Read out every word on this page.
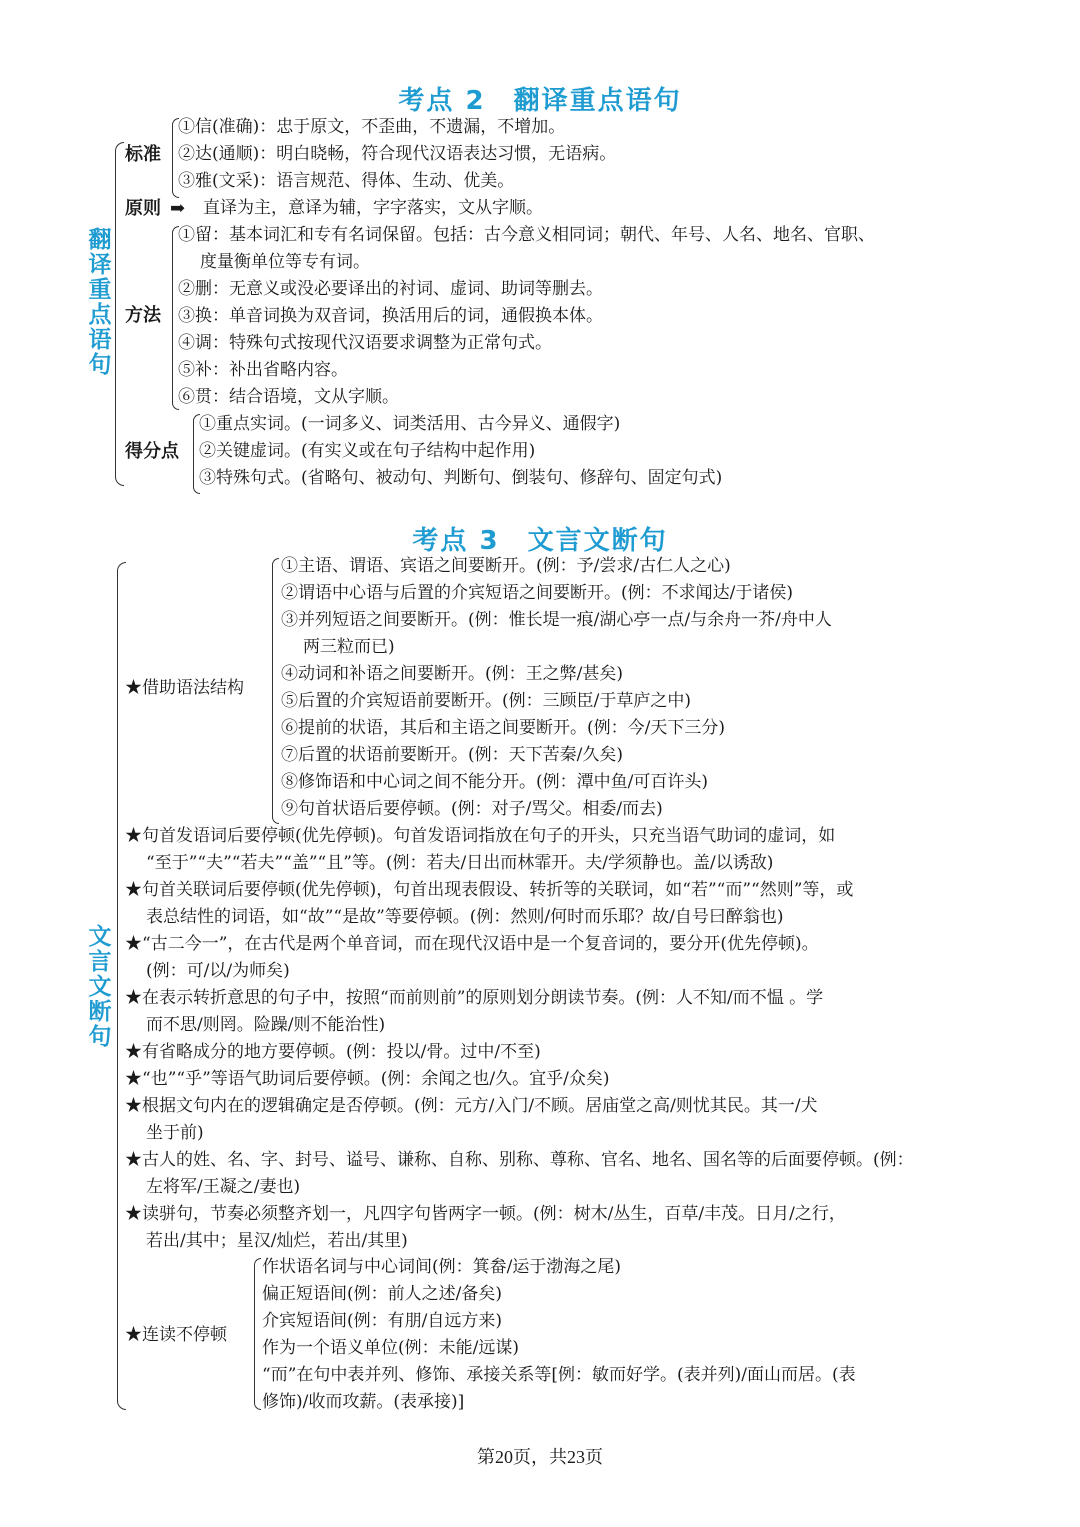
考点 2　翻译重点语句
翻
译
重
点
语
句
标准
①信(准确)：忠于原文，不歪曲，不遗漏，不增加。
②达(通顺)：明白晓畅，符合现代汉语表达习惯，无语病。
③雅(文采)：语言规范、得体、生动、优美。
原则 ➡ 直译为主，意译为辅，字字落实，文从字顺。
方法
①留：基本词汇和专有名词保留。包括：古今意义相同词；朝代、年号、人名、地名、官职、
度量衡单位等专有词。
②删：无意义或没必要译出的衬词、虚词、助词等删去。
③换：单音词换为双音词，换活用后的词，通假换本体。
④调：特殊句式按现代汉语要求调整为正常句式。
⑤补：补出省略内容。
⑥贯：结合语境，文从字顺。
得分点
①重点实词。(一词多义、词类活用、古今异义、通假字)
②关键虚词。(有实义或在句子结构中起作用)
③特殊句式。(省略句、被动句、判断句、倒装句、修辞句、固定句式)
考点 3　文言文断句
文
言
文
断
句
★借助语法结构
①主语、谓语、宾语之间要断开。(例：予/尝求/古仁人之心)
②谓语中心语与后置的介宾短语之间要断开。(例：不求闻达/于诸侯)
③并列短语之间要断开。(例：惟长堤一痕/湖心亭一点/与余舟一芥/舟中人
两三粒而已)
④动词和补语之间要断开。(例：王之弊/甚矣)
⑤后置的介宾短语前要断开。(例：三顾臣/于草庐之中)
⑥提前的状语，其后和主语之间要断开。(例：今/天下三分)
⑦后置的状语前要断开。(例：天下苦秦/久矣)
⑧修饰语和中心词之间不能分开。(例：潭中鱼/可百许头)
⑨句首状语后要停顿。(例：对子/骂父。相委/而去)
★句首发语词后要停顿(优先停顿)。句首发语词指放在句子的开头，只充当语气助词的虚词，如
“至于”“夫”“若夫”“盖”“且”等。(例：若夫/日出而林霏开。夫/学须静也。盖/以诱敌)
★句首关联词后要停顿(优先停顿)，句首出现表假设、转折等的关联词，如“若”“而”“然则”等，或
表总结性的词语，如“故”“是故”等要停顿。(例：然则/何时而乐耶？故/自号曰醉翁也)
★“古二今一”，在古代是两个单音词，而在现代汉语中是一个复音词的，要分开(优先停顿)。
(例：可/以/为师矣)
★在表示转折意思的句子中，按照“而前则前”的原则划分朗读节奏。(例：人不知/而不愠 。学
而不思/则罔。险躁/则不能治性)
★有省略成分的地方要停顿。(例：投以/骨。过中/不至)
★“也”“乎”等语气助词后要停顿。(例：余闻之也/久。宜乎/众矣)
★根据文句内在的逻辑确定是否停顿。(例：元方/入门/不顾。居庙堂之高/则忧其民。其一/犬
坐于前)
★古人的姓、名、字、封号、谥号、谦称、自称、别称、尊称、官名、地名、国名等的后面要停顿。(例：
左将军/王凝之/妻也)
★读骈句，节奏必须整齐划一，凡四字句皆两字一顿。(例：树木/丛生，百草/丰茂。日月/之行，
若出/其中；星汉/灿烂，若出/其里)
★连读不停顿
作状语名词与中心词间(例：箕畚/运于渤海之尾)
偏正短语间(例：前人之述/备矣)
介宾短语间(例：有朋/自远方来)
作为一个语义单位(例：未能/远谋)
“而”在句中表并列、修饰、承接关系等[例：敏而好学。(表并列)/面山而居。(表
修饰)/收而攻薪。(表承接)]
第20页，共23页
